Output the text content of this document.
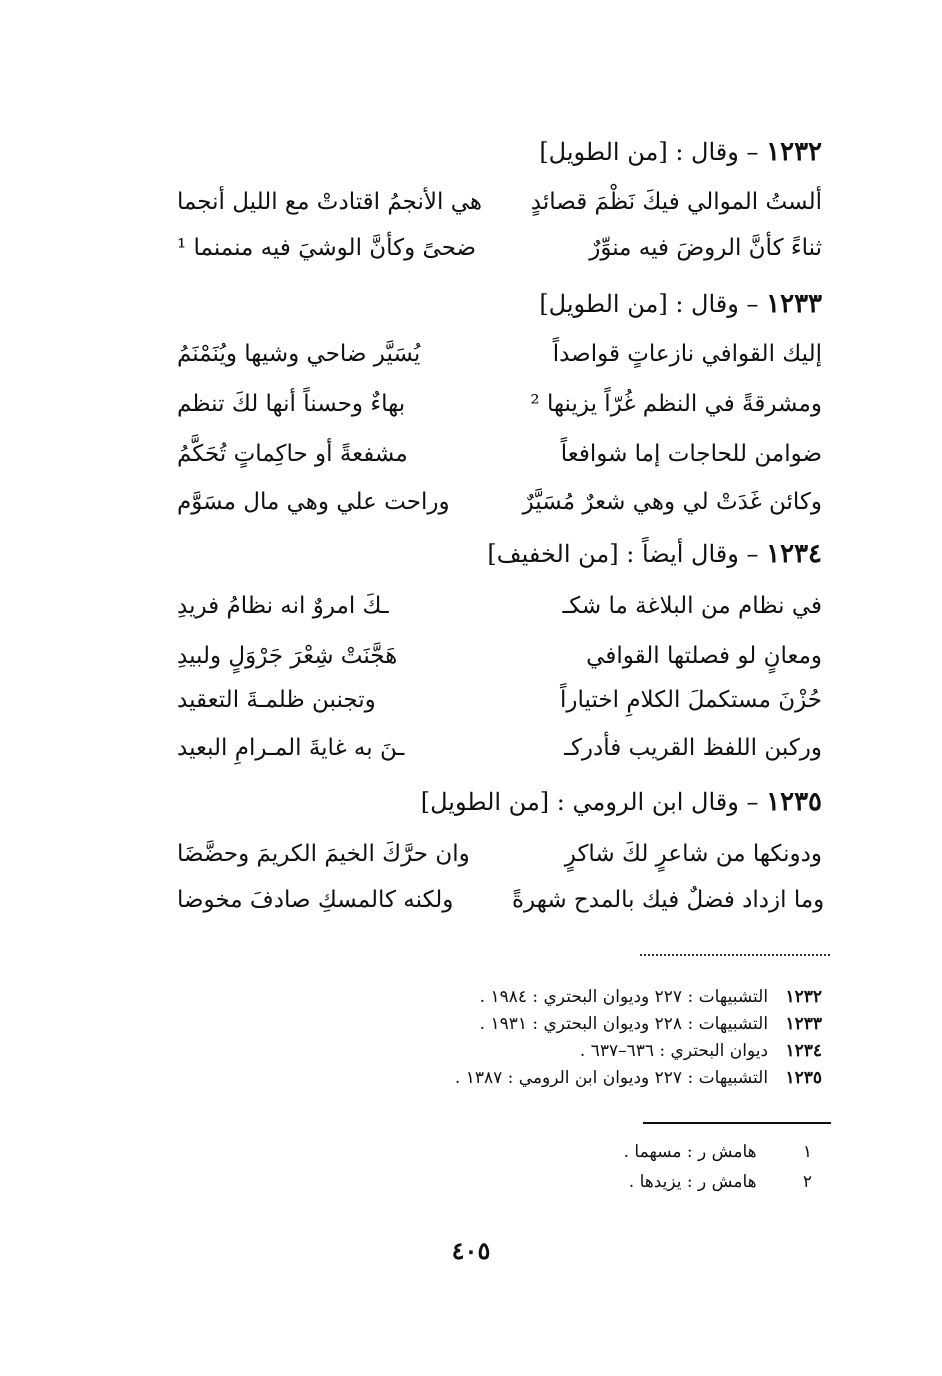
١٢٣٢ – وقال : [من الطويل]
ألستُ الموالي فيكَ نَظْمَ قصائدٍ
هي الأنجمُ اقتادتْ مع الليل أنجما
ثناءً كأنَّ الروضَ فيه منوِّرٌ
ضحىً وكأنَّ الوشيَ فيه منمنما ¹
١٢٣٣ – وقال : [من الطويل]
إليك القوافي نازعاتٍ قواصداً
يُسَيَّر ضاحي وشيها ويُنَمْنَمُ
ومشرقةً في النظم غُرّاً يزينها ²
بهاءٌ وحسناً أنها لكَ تنظم
ضوامن للحاجات إما شوافعاً
مشفعةً أو حاكِماتٍ تُحَكَّمُ
وكائن غَدَتْ لي وهي شعرٌ مُسَيَّرٌ
وراحت علي وهي مال مسَوَّم
١٢٣٤ – وقال أيضاً : [من الخفيف]
في نظام من البلاغة ما شكـ
ـكَ امروٌ انه نظامُ فريدِ
ومعانٍ لو فصلتها القوافي
هَجَّنَتْ شِعْرَ جَرْوَلٍ ولبيدِ
حُزْنَ مستكملَ الكلامِ اختياراً
وتجنبن ظلمـةَ التعقيد
وركبن اللفظ القريب فأدركـ
ـنَ به غايةَ المـرامِ البعيد
١٢٣٥ – وقال ابن الرومي : [من الطويل]
ودونكها من شاعرٍ لكَ شاكرٍ
وان حرَّكَ الخيمَ الكريمَ وحضَّضَا
وما ازداد فضلٌ فيك بالمدح شهرةً
ولكنه كالمسكِ صادفَ مخوضا
١٢٣٢ التشبيهات : ٢٢٧ وديوان البحتري : ١٩٨٤ .
١٢٣٣ التشبيهات : ٢٢٨ وديوان البحتري : ١٩٣١ .
١٢٣٤ ديوان البحتري : ٦٣٦–٦٣٧ .
١٢٣٥ التشبيهات : ٢٢٧ وديوان ابن الرومي : ١٣٨٧ .
١ هامش ر : مسهما .
٢ هامش ر : يزيدها .
٤٠٥
